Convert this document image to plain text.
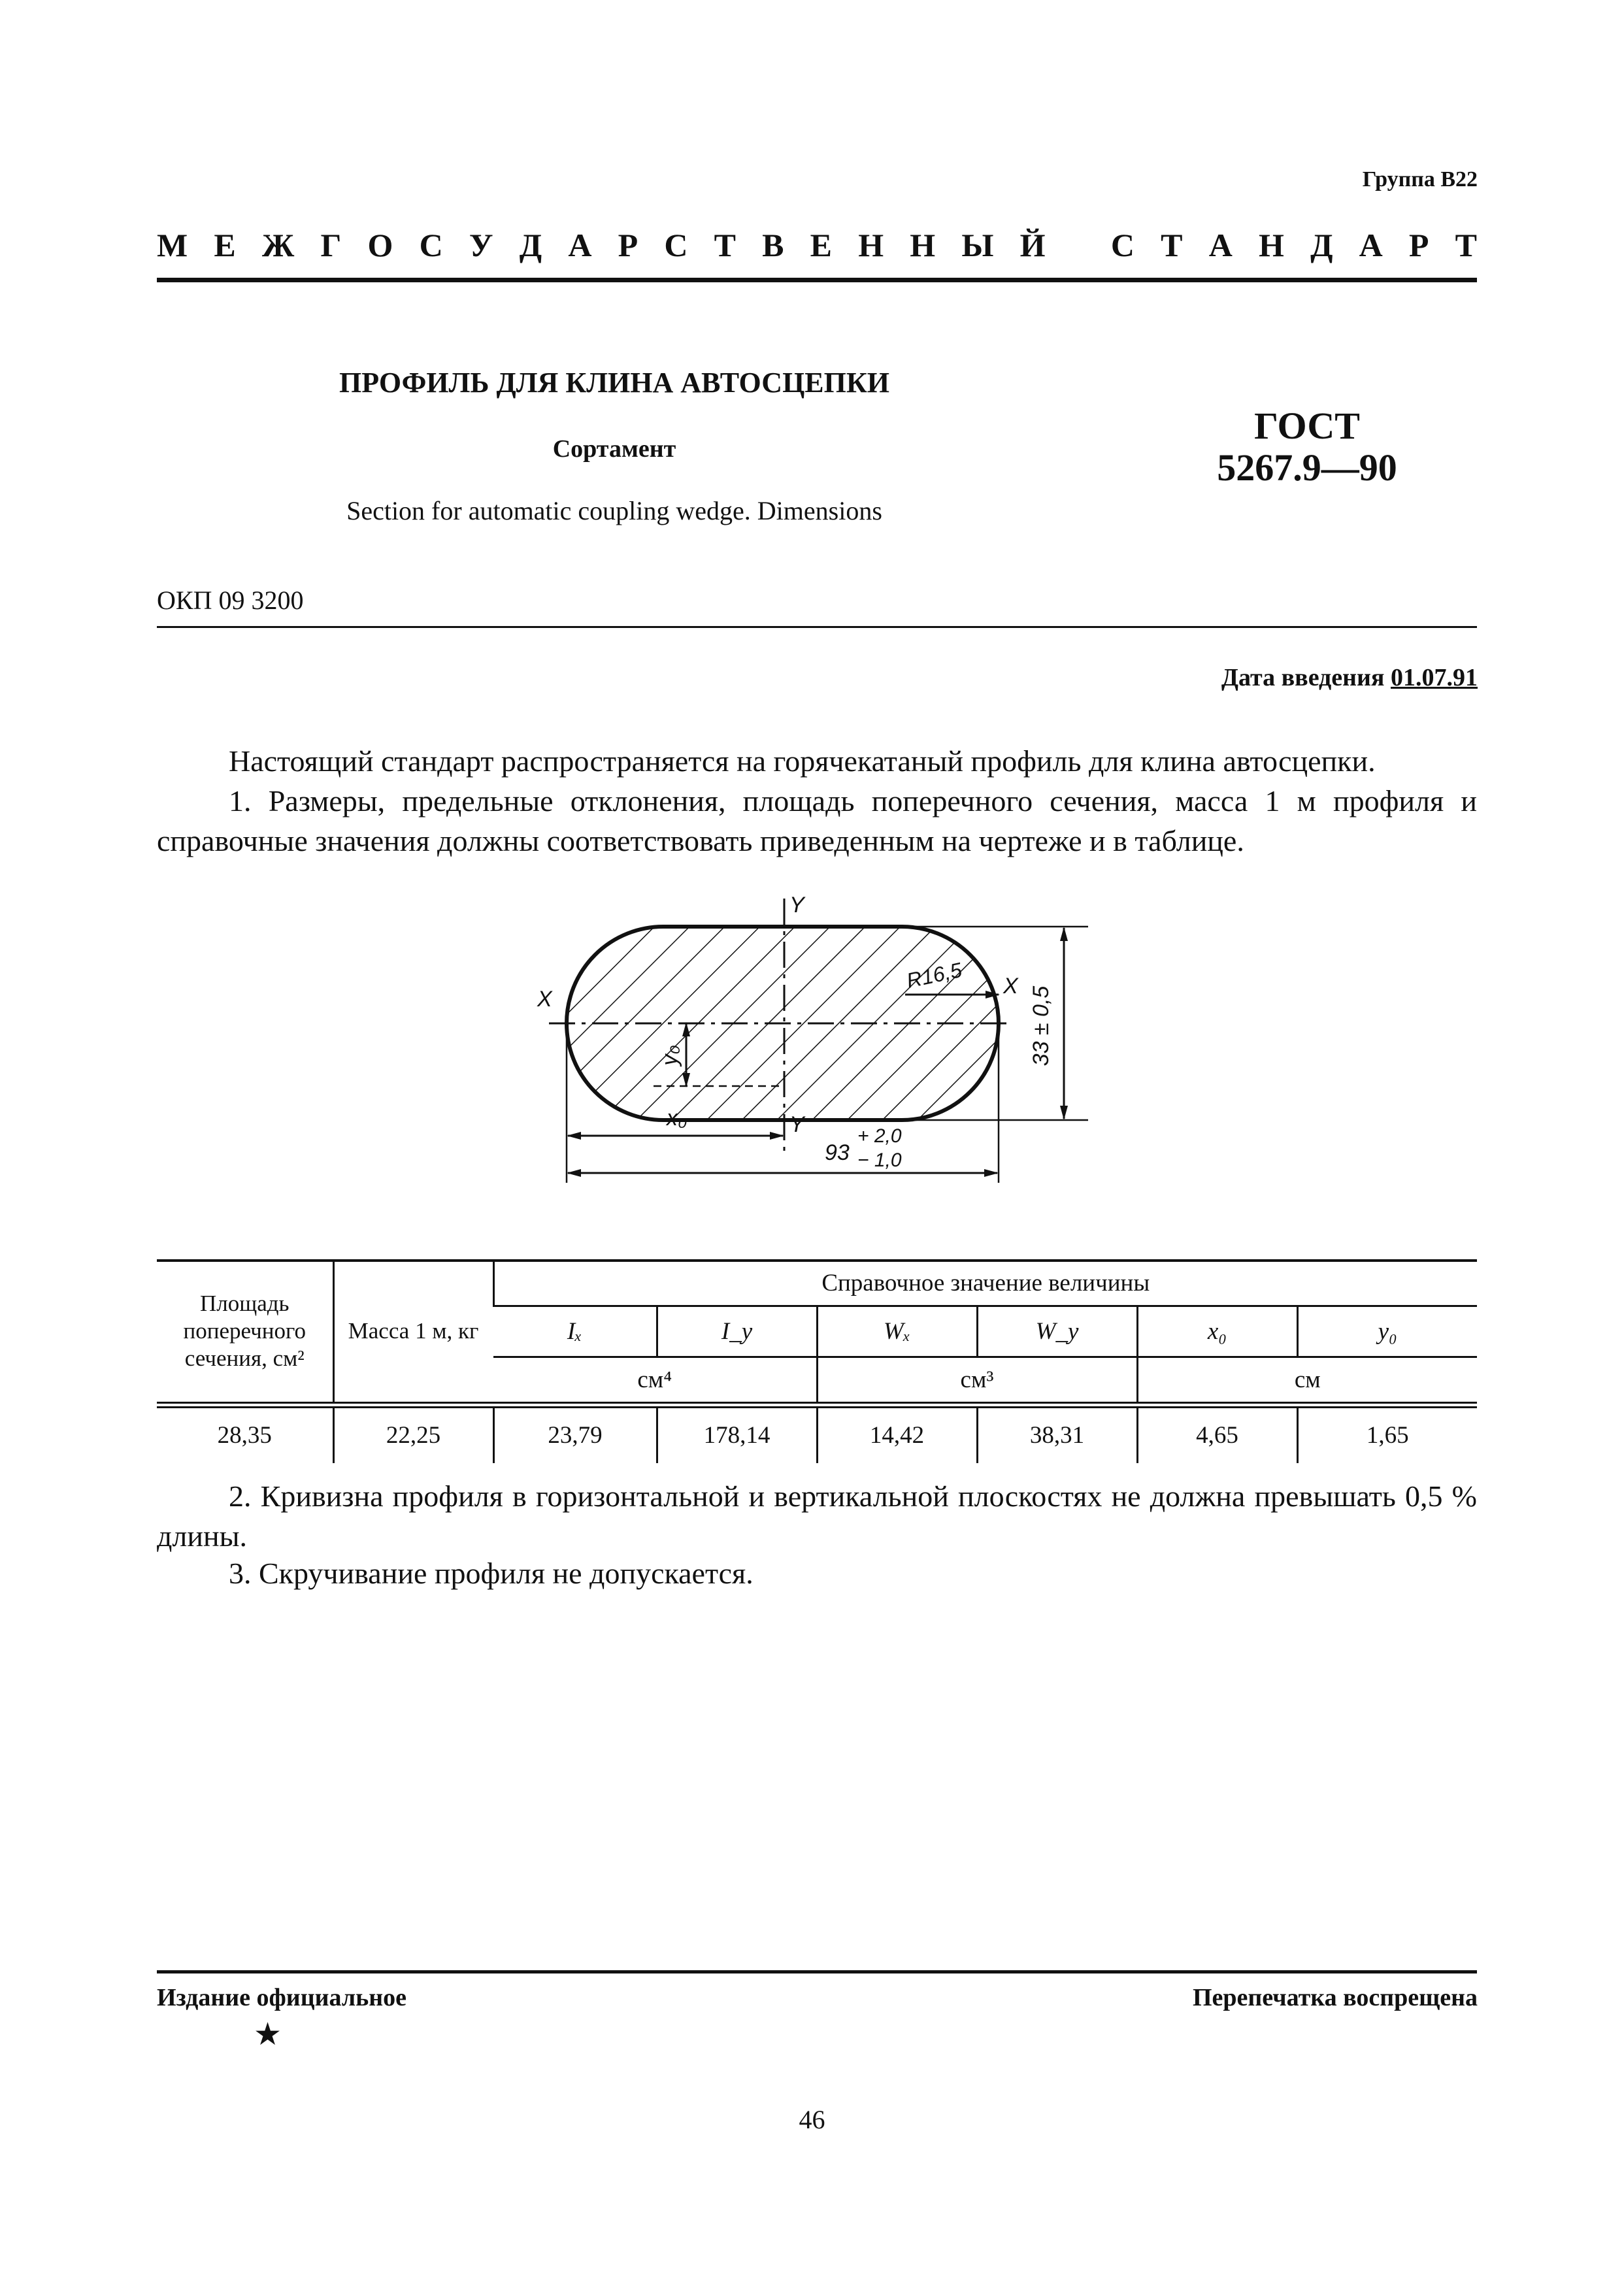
Группа В22
М Е Ж Г О С У Д А Р С Т В Е Н Н Ы Й С Т А Н Д А Р Т
ПРОФИЛЬ ДЛЯ КЛИНА АВТОСЦЕПКИ
Сортамент
Section for automatic coupling wedge. Dimensions
ГОСТ
5267.9—90
ОКП 09 3200
Дата введения 01.07.91
Настоящий стандарт распространяется на горячекатаный профиль для клина автосцепки.
1. Размеры, предельные отклонения, площадь поперечного сечения, масса 1 м профиля и справочные значения должны соответствовать приведенным на чертеже и в таблице.
Y
Y
X
X
R16,5
33 ± 0,5
y₀
x₀
93
+ 2,0
− 1,0
Площадь поперечного сечения, см²	Масса 1 м, кг	Справочное значение величины					
		Iₓ	I_y	Wₓ	W_y	x₀	y₀
		см⁴		см³		см	

28,35	22,25	23,79	178,14	14,42	38,31	4,65	1,65
2. Кривизна профиля в горизонтальной и вертикальной плоскостях не должна превышать 0,5 % длины.
3. Скручивание профиля не допускается.
Издание официальное	Перепечатка воспрещена
★
46
